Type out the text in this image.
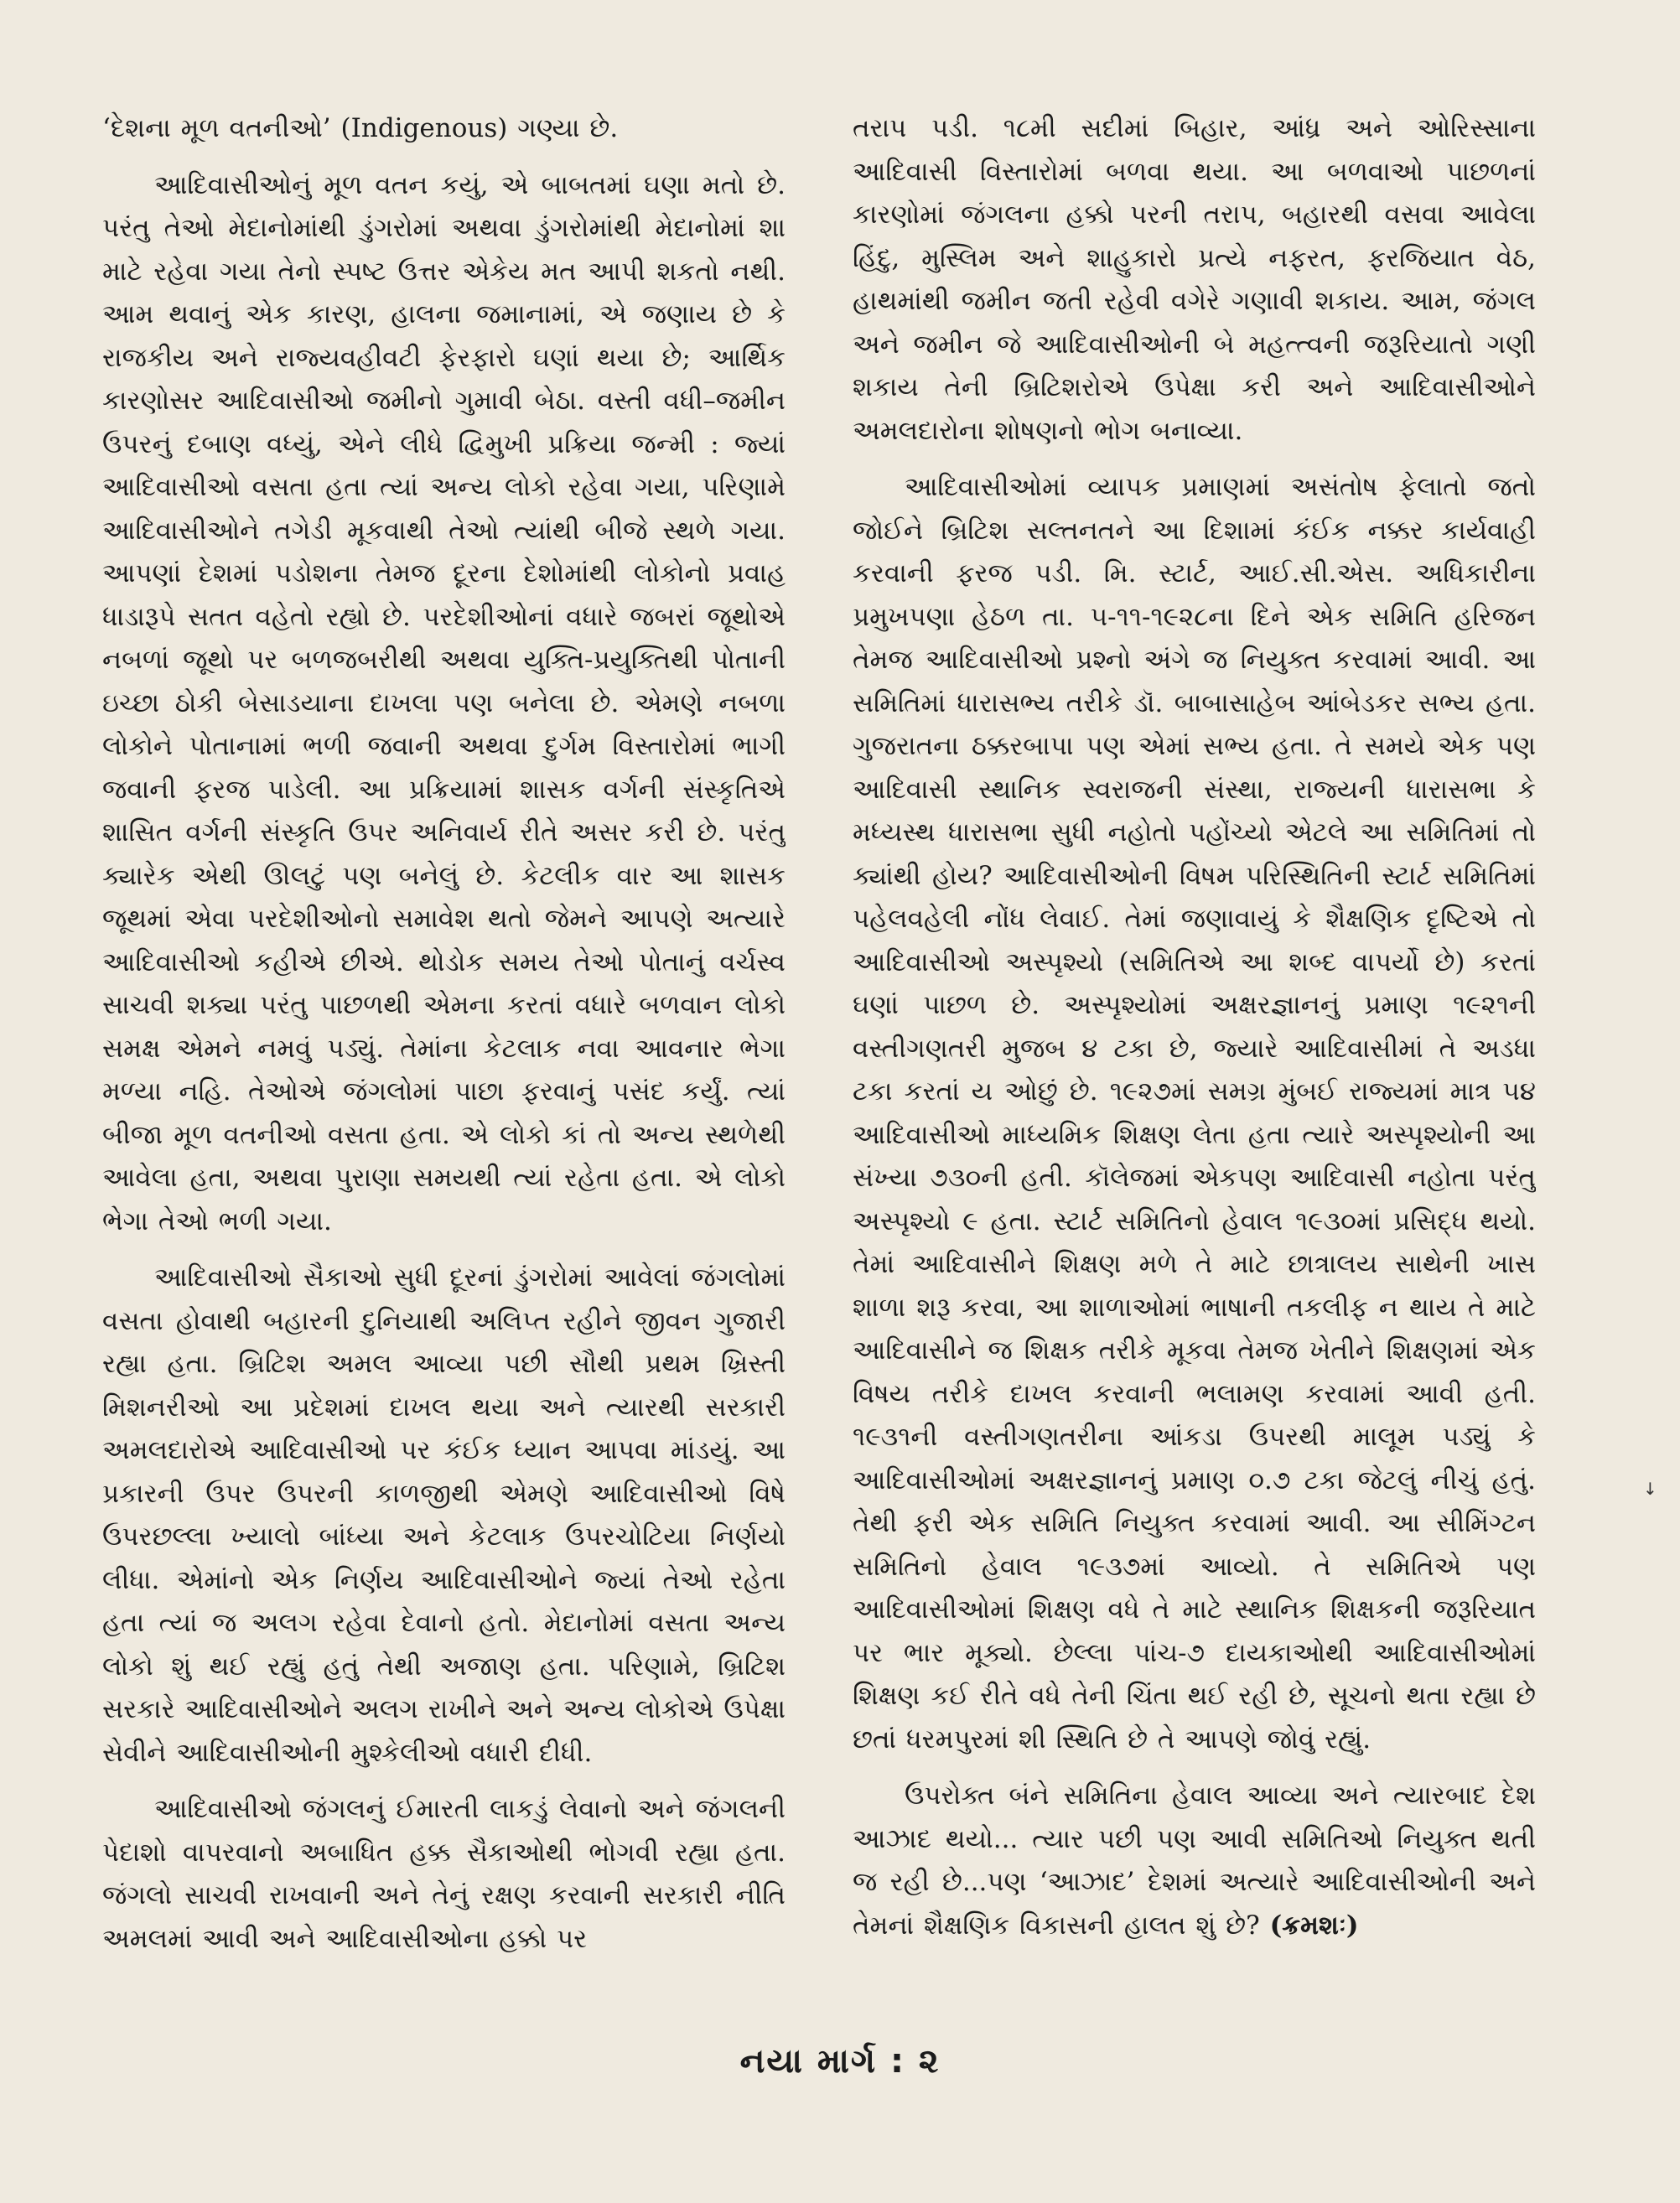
‘દેશના મૂળ વતનીઓ’ (Indigenous) ગણ્યા છે.

આદિવાસીઓનું મૂળ વતન કયું, એ બાબતમાં ઘણા મતો છે. પરંતુ તેઓ મેદાનોમાંથી ડુંગરોમાં અથવા ડુંગરોમાંથી મેદાનોમાં શા માટે રહેવા ગયા તેનો સ્પષ્ટ ઉત્તર એકેય મત આપી શકતો નથી. આમ થવાનું એક કારણ, હાલના જમાનામાં, એ જણાય છે કે રાજકીય અને રાજ્યવહીવટી ફેરફારો ઘણાં થયા છે; આર્થિક કારણોસર આદિવાસીઓ જમીનો ગુમાવી બેઠા. વસ્તી વધી–જમીન ઉપરનું દબાણ વધ્યું, એને લીધે દ્વિમુખી પ્રક્રિયા જન્મી : જ્યાં આદિવાસીઓ વસતા હતા ત્યાં અન્ય લોકો રહેવા ગયા, પરિણામે આદિવાસીઓને તગેડી મૂકવાથી તેઓ ત્યાંથી બીજે સ્થળે ગયા. આપણાં દેશમાં પડોશના તેમજ દૂરના દેશોમાંથી લોકોનો પ્રવાહ ધાડારૂપે સતત વહેતો રહ્યો છે. પરદેશીઓનાં વધારે જબરાં જૂથોએ નબળાં જૂથો પર બળજબરીથી અથવા યુક્તિ-પ્રયુક્તિથી પોતાની ઇચ્છા ઠોકી બેસાડયાના દાખલા પણ બનેલા છે. એમણે નબળા લોકોને પોતાનામાં ભળી જવાની અથવા દુર્ગમ વિસ્તારોમાં ભાગી જવાની ફરજ પાડેલી. આ પ્રક્રિયામાં શાસક વર્ગની સંસ્કૃતિએ શાસિત વર્ગની સંસ્કૃતિ ઉપર અનિવાર્ય રીતે અસર કરી છે. પરંતુ ક્યારેક એથી ઊલટું પણ બનેલું છે. કેટલીક વાર આ શાસક જૂથમાં એવા પરદેશીઓનો સમાવેશ થતો જેમને આપણે અત્યારે આદિવાસીઓ કહીએ છીએ. થોડોક સમય તેઓ પોતાનું વર્ચસ્વ સાચવી શક્યા પરંતુ પાછળથી એમના કરતાં વધારે બળવાન લોકો સમક્ષ એમને નમવું પડ્યું. તેમાંના કેટલાક નવા આવનાર ભેગા મળ્યા નહિ. તેઓએ જંગલોમાં પાછા ફરવાનું પસંદ કર્યું. ત્યાં બીજા મૂળ વતનીઓ વસતા હતા. એ લોકો કાં તો અન્ય સ્થળેથી આવેલા હતા, અથવા પુરાણા સમયથી ત્યાં રહેતા હતા. એ લોકો ભેગા તેઓ ભળી ગયા.

આદિવાસીઓ સૈકાઓ સુધી દૂરનાં ડુંગરોમાં આવેલાં જંગલોમાં વસતા હોવાથી બહારની દુનિયાથી અલિપ્ત રહીને જીવન ગુજારી રહ્યા હતા. બ્રિટિશ અમલ આવ્યા પછી સૌથી પ્રથમ ખ્રિસ્તી મિશનરીઓ આ પ્રદેશમાં દાખલ થયા અને ત્યારથી સરકારી અમલદારોએ આદિવાસીઓ પર કંઈક ધ્યાન આપવા માંડયું. આ પ્રકારની ઉપર ઉપરની કાળજીથી એમણે આદિવાસીઓ વિષે ઉપરછલ્લા ખ્યાલો બાંધ્યા અને કેટલાક ઉપરચોટિયા નિર્ણયો લીધા. એમાંનો એક નિર્ણય આદિવાસીઓને જ્યાં તેઓ રહેતા હતા ત્યાં જ અલગ રહેવા દેવાનો હતો. મેદાનોમાં વસતા અન્ય લોકો શું થઈ રહ્યું હતું તેથી અજાણ હતા. પરિણામે, બ્રિટિશ સરકારે આદિવાસીઓને અલગ રાખીને અને અન્ય લોકોએ ઉપેક્ષા સેવીને આદિવાસીઓની મુશ્કેલીઓ વધારી દીધી.

આદિવાસીઓ જંગલનું ઈમારતી લાકડું લેવાનો અને જંગલની પેદાશો વાપરવાનો અબાધિત હક્ક સૈકાઓથી ભોગવી રહ્યા હતા. જંગલો સાચવી રાખવાની અને તેનું રક્ષણ કરવાની સરકારી નીતિ અમલમાં આવી અને આદિવાસીઓના હક્કો પર

તરાપ પડી. ૧૮મી સદીમાં બિહાર, આંધ્ર અને ઓરિસ્સાના આદિવાસી વિસ્તારોમાં બળવા થયા. આ બળવાઓ પાછળનાં કારણોમાં જંગલના હક્કો પરની તરાપ, બહારથી વસવા આવેલા હિંદુ, મુસ્લિમ અને શાહુકારો પ્રત્યે નફરત, ફરજિયાત વેઠ, હાથમાંથી જમીન જતી રહેવી વગેરે ગણાવી શકાય. આમ, જંગલ અને જમીન જે આદિવાસીઓની બે મહત્ત્વની જરૂરિયાતો ગણી શકાય તેની બ્રિટિશરોએ ઉપેક્ષા કરી અને આદિવાસીઓને અમલદારોના શોષણનો ભોગ બનાવ્યા.

આદિવાસીઓમાં વ્યાપક પ્રમાણમાં અસંતોષ ફેલાતો જતો જોઈને બ્રિટિશ સલ્તનતને આ દિશામાં કંઈક નક્કર કાર્યવાહી કરવાની ફરજ પડી. મિ. સ્ટાર્ટ, આઈ.સી.એસ. અધિકારીના પ્રમુખપણા હેઠળ તા. ૫-૧૧-૧૯૨૮ના દિને એક સમિતિ હરિજન તેમજ આદિવાસીઓ પ્રશ્નો અંગે જ નિયુક્ત કરવામાં આવી. આ સમિતિમાં ધારાસભ્ય તરીકે ડૉ. બાબાસાહેબ આંબેડકર સભ્ય હતા. ગુજરાતના ઠક્કરબાપા પણ એમાં સભ્ય હતા. તે સમયે એક પણ આદિવાસી સ્થાનિક સ્વરાજની સંસ્થા, રાજ્યની ધારાસભા કે મધ્યસ્થ ધારાસભા સુધી નહોતો પહોંચ્યો એટલે આ સમિતિમાં તો ક્યાંથી હોય? આદિવાસીઓની વિષમ પરિસ્થિતિની સ્ટાર્ટ સમિતિમાં પહેલવહેલી નોંધ લેવાઈ. તેમાં જણાવાયું કે શૈક્ષણિક દૃષ્ટિએ તો આદિવાસીઓ અસ્પૃશ્યો (સમિતિએ આ શબ્દ વાપર્યો છે) કરતાં ઘણાં પાછળ છે. અસ્પૃશ્યોમાં અક્ષરજ્ઞાનનું પ્રમાણ ૧૯૨૧ની વસ્તીગણતરી મુજબ ૪ ટકા છે, જ્યારે આદિવાસીમાં તે અડધા ટકા કરતાં ય ઓછું છે. ૧૯૨૭માં સમગ્ર મુંબઈ રાજ્યમાં માત્ર ૫૪ આદિવાસીઓ માધ્યમિક શિક્ષણ લેતા હતા ત્યારે અસ્પૃશ્યોની આ સંખ્યા ૭૩૦ની હતી. કૉલેજમાં એકપણ આદિવાસી નહોતા પરંતુ અસ્પૃશ્યો ૯ હતા. સ્ટાર્ટ સમિતિનો હેવાલ ૧૯૩૦માં પ્રસિદ્ધ થયો. તેમાં આદિવાસીને શિક્ષણ મળે તે માટે છાત્રાલય સાથેની ખાસ શાળા શરૂ કરવા, આ શાળાઓમાં ભાષાની તકલીફ ન થાય તે માટે આદિવાસીને જ શિક્ષક તરીકે મૂકવા તેમજ ખેતીને શિક્ષણમાં એક વિષય તરીકે દાખલ કરવાની ભલામણ કરવામાં આવી હતી. ૧૯૩૧ની વસ્તીગણતરીના આંકડા ઉપરથી માલૂમ પડ્યું કે આદિવાસીઓમાં અક્ષરજ્ઞાનનું પ્રમાણ ૦.૭ ટકા જેટલું નીચું હતું. તેથી ફરી એક સમિતિ નિયુક્ત કરવામાં આવી. આ સીમિંગ્ટન સમિતિનો હેવાલ ૧૯૩૭માં આવ્યો. તે સમિતિએ પણ આદિવાસીઓમાં શિક્ષણ વધે તે માટે સ્થાનિક શિક્ષકની જરૂરિયાત પર ભાર મૂક્યો. છેલ્લા પાંચ-૭ દાયકાઓથી આદિવાસીઓમાં શિક્ષણ કઈ રીતે વધે તેની ચિંતા થઈ રહી છે, સૂચનો થતા રહ્યા છે છતાં ધરમપુરમાં શી સ્થિતિ છે તે આપણે જોવું રહ્યું.

ઉપરોક્ત બંને સમિતિના હેવાલ આવ્યા અને ત્યારબાદ દેશ આઝાદ થયો... ત્યાર પછી પણ આવી સમિતિઓ નિયુક્ત થતી જ રહી છે...પણ ‘આઝાદ’ દેશમાં અત્યારે આદિવાસીઓની અને તેમનાં શૈક્ષણિક વિકાસની હાલત શું છે? (ક્રમશઃ)

નયા માર્ગ : ૨
↓
